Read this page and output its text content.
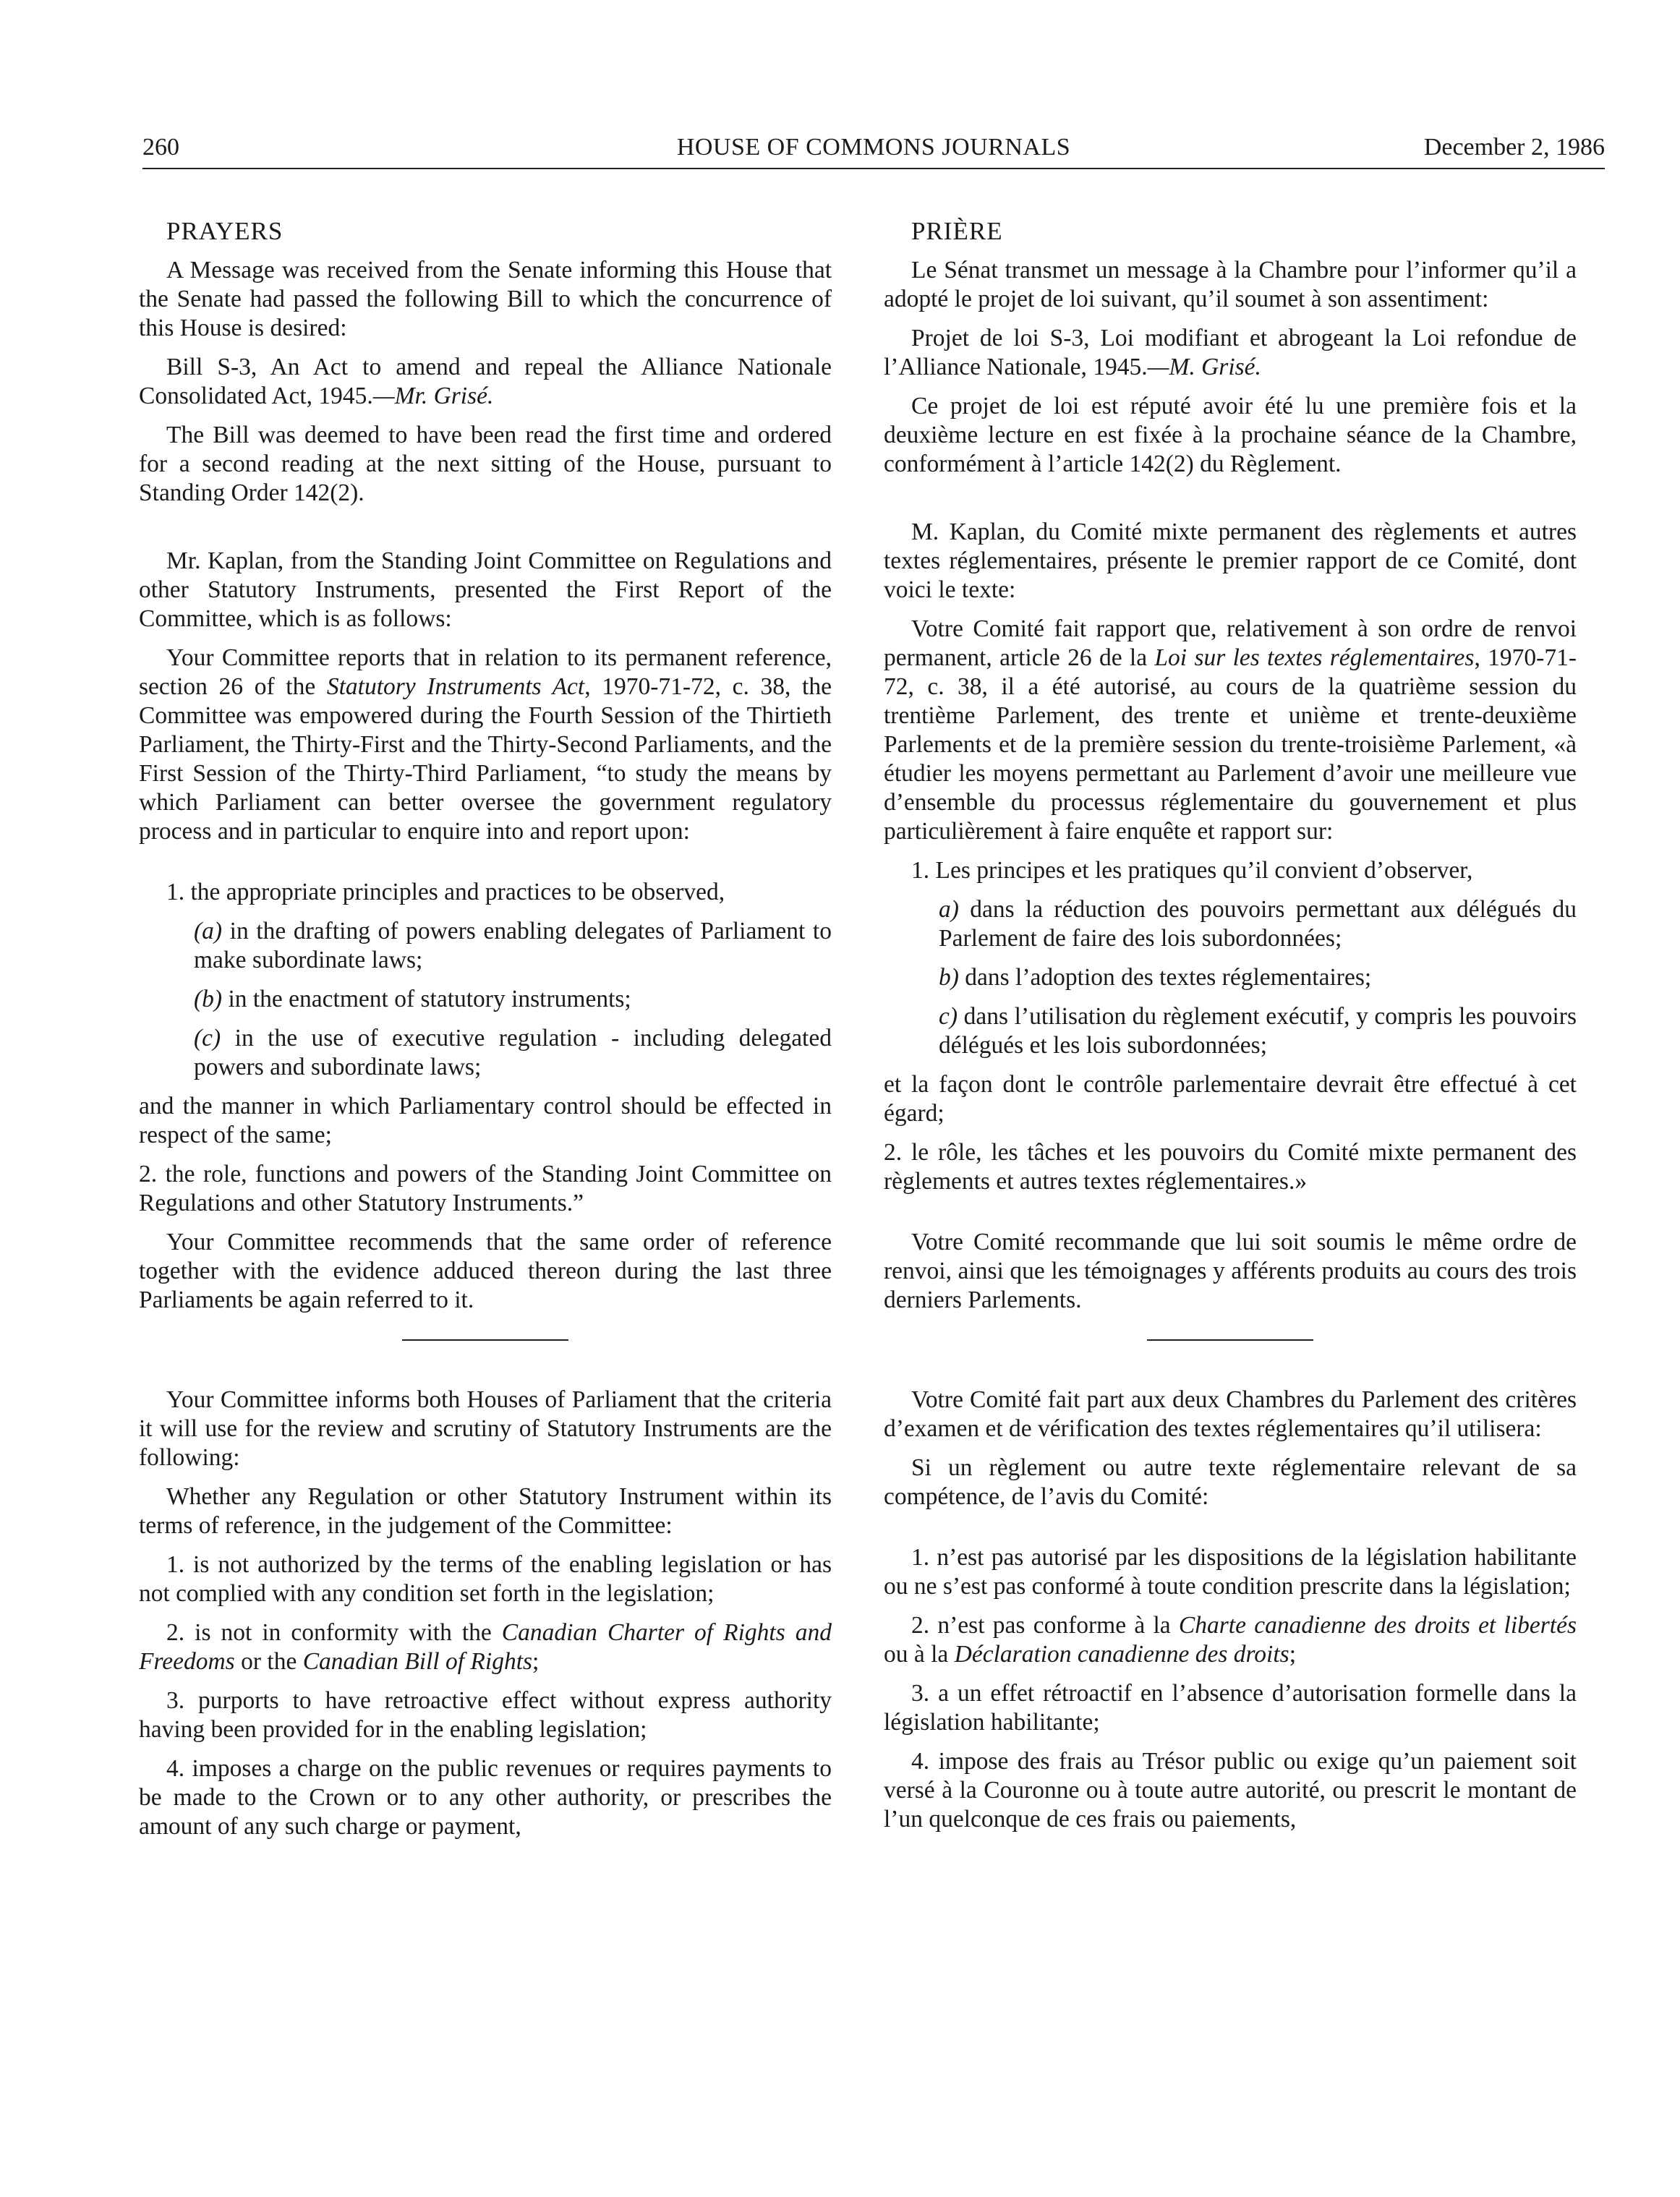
260	HOUSE OF COMMONS JOURNALS	December 2, 1986

PRAYERS

A Message was received from the Senate informing this House that the Senate had passed the following Bill to which the concurrence of this House is desired:

Bill S-3, An Act to amend and repeal the Alliance Nationale Consolidated Act, 1945.—Mr. Grisé.

The Bill was deemed to have been read the first time and ordered for a second reading at the next sitting of the House, pursuant to Standing Order 142(2).

Mr. Kaplan, from the Standing Joint Committee on Regulations and other Statutory Instruments, presented the First Report of the Committee, which is as follows:

Your Committee reports that in relation to its permanent reference, section 26 of the Statutory Instruments Act, 1970-71-72, c. 38, the Committee was empowered during the Fourth Session of the Thirtieth Parliament, the Thirty-First and the Thirty-Second Parliaments, and the First Session of the Thirty-Third Parliament, “to study the means by which Parliament can better oversee the government regulatory process and in particular to enquire into and report upon:

1. the appropriate principles and practices to be observed,

(a) in the drafting of powers enabling delegates of Parliament to make subordinate laws;

(b) in the enactment of statutory instruments;

(c) in the use of executive regulation - including delegated powers and subordinate laws;

and the manner in which Parliamentary control should be effected in respect of the same;

2. the role, functions and powers of the Standing Joint Committee on Regulations and other Statutory Instruments.”

Your Committee recommends that the same order of reference together with the evidence adduced thereon during the last three Parliaments be again referred to it.

Your Committee informs both Houses of Parliament that the criteria it will use for the review and scrutiny of Statutory Instruments are the following:

Whether any Regulation or other Statutory Instrument within its terms of reference, in the judgement of the Committee:

1. is not authorized by the terms of the enabling legislation or has not complied with any condition set forth in the legislation;

2. is not in conformity with the Canadian Charter of Rights and Freedoms or the Canadian Bill of Rights;

3. purports to have retroactive effect without express authority having been provided for in the enabling legislation;

4. imposes a charge on the public revenues or requires payments to be made to the Crown or to any other authority, or prescribes the amount of any such charge or payment,

PRIÈRE

Le Sénat transmet un message à la Chambre pour l’informer qu’il a adopté le projet de loi suivant, qu’il soumet à son assentiment:

Projet de loi S-3, Loi modifiant et abrogeant la Loi refondue de l’Alliance Nationale, 1945.—M. Grisé.

Ce projet de loi est réputé avoir été lu une première fois et la deuxième lecture en est fixée à la prochaine séance de la Chambre, conformément à l’article 142(2) du Règlement.

M. Kaplan, du Comité mixte permanent des règlements et autres textes réglementaires, présente le premier rapport de ce Comité, dont voici le texte:

Votre Comité fait rapport que, relativement à son ordre de renvoi permanent, article 26 de la Loi sur les textes réglementaires, 1970-71-72, c. 38, il a été autorisé, au cours de la quatrième session du trentième Parlement, des trente et unième et trente-deuxième Parlements et de la première session du trente-troisième Parlement, «à étudier les moyens permettant au Parlement d’avoir une meilleure vue d’ensemble du processus réglementaire du gouvernement et plus particulièrement à faire enquête et rapport sur:

1. Les principes et les pratiques qu’il convient d’observer,

a) dans la réduction des pouvoirs permettant aux délégués du Parlement de faire des lois subordonnées;

b) dans l’adoption des textes réglementaires;

c) dans l’utilisation du règlement exécutif, y compris les pouvoirs délégués et les lois subordonnées;

et la façon dont le contrôle parlementaire devrait être effectué à cet égard;

2. le rôle, les tâches et les pouvoirs du Comité mixte permanent des règlements et autres textes réglementaires.»

Votre Comité recommande que lui soit soumis le même ordre de renvoi, ainsi que les témoignages y afférents produits au cours des trois derniers Parlements.

Votre Comité fait part aux deux Chambres du Parlement des critères d’examen et de vérification des textes réglementaires qu’il utilisera:

Si un règlement ou autre texte réglementaire relevant de sa compétence, de l’avis du Comité:

1. n’est pas autorisé par les dispositions de la législation habilitante ou ne s’est pas conformé à toute condition prescrite dans la législation;

2. n’est pas conforme à la Charte canadienne des droits et libertés ou à la Déclaration canadienne des droits;

3. a un effet rétroactif en l’absence d’autorisation formelle dans la législation habilitante;

4. impose des frais au Trésor public ou exige qu’un paiement soit versé à la Couronne ou à toute autre autorité, ou prescrit le montant de l’un quelconque de ces frais ou paiements,
